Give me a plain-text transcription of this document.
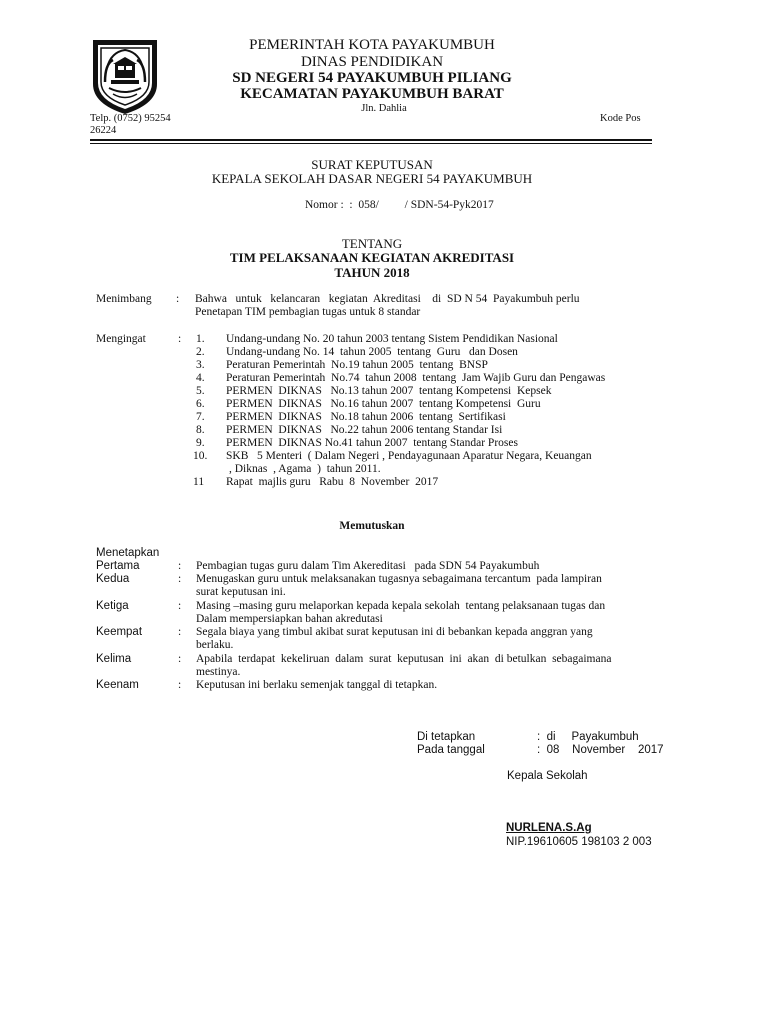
PEMERINTAH KOTA PAYAKUMBUH
DINAS PENDIDIKAN
SD NEGERI 54 PAYAKUMBUH PILIANG
KECAMATAN PAYAKUMBUH BARAT
Jln. Dahlia
Telp. (0752) 95254	Kode Pos
26224
SURAT KEPUTUSAN
KEPALA SEKOLAH DASAR NEGERI 54 PAYAKUMBUH
Nomor :  :  058/         / SDN-54-Pyk2017
TENTANG
TIM PELAKSANAAN KEGIATAN AKREDITASI
TAHUN 2018
Menimbang : Bahwa   untuk   kelancaran   kegiatan  Akreditasi    di  SD N 54  Payakumbuh perlu
Penetapan TIM pembagian tugas untuk 8 standar
Mengingat	: 1.	Undang-undang No. 20 tahun 2003 tentang Sistem Pendidikan Nasional
2. Undang-undang No. 14  tahun 2005  tentang  Guru   dan Dosen
3. Peraturan Pemerintah  No.19 tahun 2005  tentang  BNSP
4. Peraturan Pemerintah  No.74  tahun 2008  tentang  Jam Wajib Guru dan Pengawas
5. PERMEN  DIKNAS   No.13 tahun 2007  tentang Kompetensi  Kepsek
6. PERMEN  DIKNAS   No.16 tahun 2007  tentang Kompetensi  Guru
7. PERMEN  DIKNAS   No.18 tahun 2006  tentang  Sertifikasi
8. PERMEN  DIKNAS   No.22 tahun 2006 tentang Standar Isi
9. PERMEN  DIKNAS No.41 tahun 2007  tentang Standar Proses
10. SKB   5 Menteri  ( Dalam Negeri , Pendayagunaan Aparatur Negara, Keuangan
, Diknas  , Agama  )  tahun 2011.
11 Rapat  majlis guru   Rabu  8  November  2017
Memutuskan
Menetapkan
Pertama	: Pembagian tugas guru dalam Tim Akereditasi   pada SDN 54 Payakumbuh
Kedua	: Menugaskan guru untuk melaksanakan tugasnya sebagaimana tercantum  pada lampiran
surat keputusan ini.
Ketiga	: Masing –masing guru melaporkan kepada kepala sekolah  tentang pelaksanaan tugas dan
Dalam mempersiapkan bahan akredutasi
Keempat	: Segala biaya yang timbul akibat surat keputusan ini di bebankan kepada anggran yang
berlaku.
Kelima	: Apabila  terdapat  kekeliruan  dalam  surat  keputusan  ini  akan  di betulkan  sebagaimana
mestinya.
Keenam	: Keputusan ini berlaku semenjak tanggal di tetapkan.
Di tetapkan	:  di     Payakumbuh
Pada tanggal	:  08    November    2017
Kepala Sekolah
NURLENA.S.Ag
NIP.19610605 198103 2 003
